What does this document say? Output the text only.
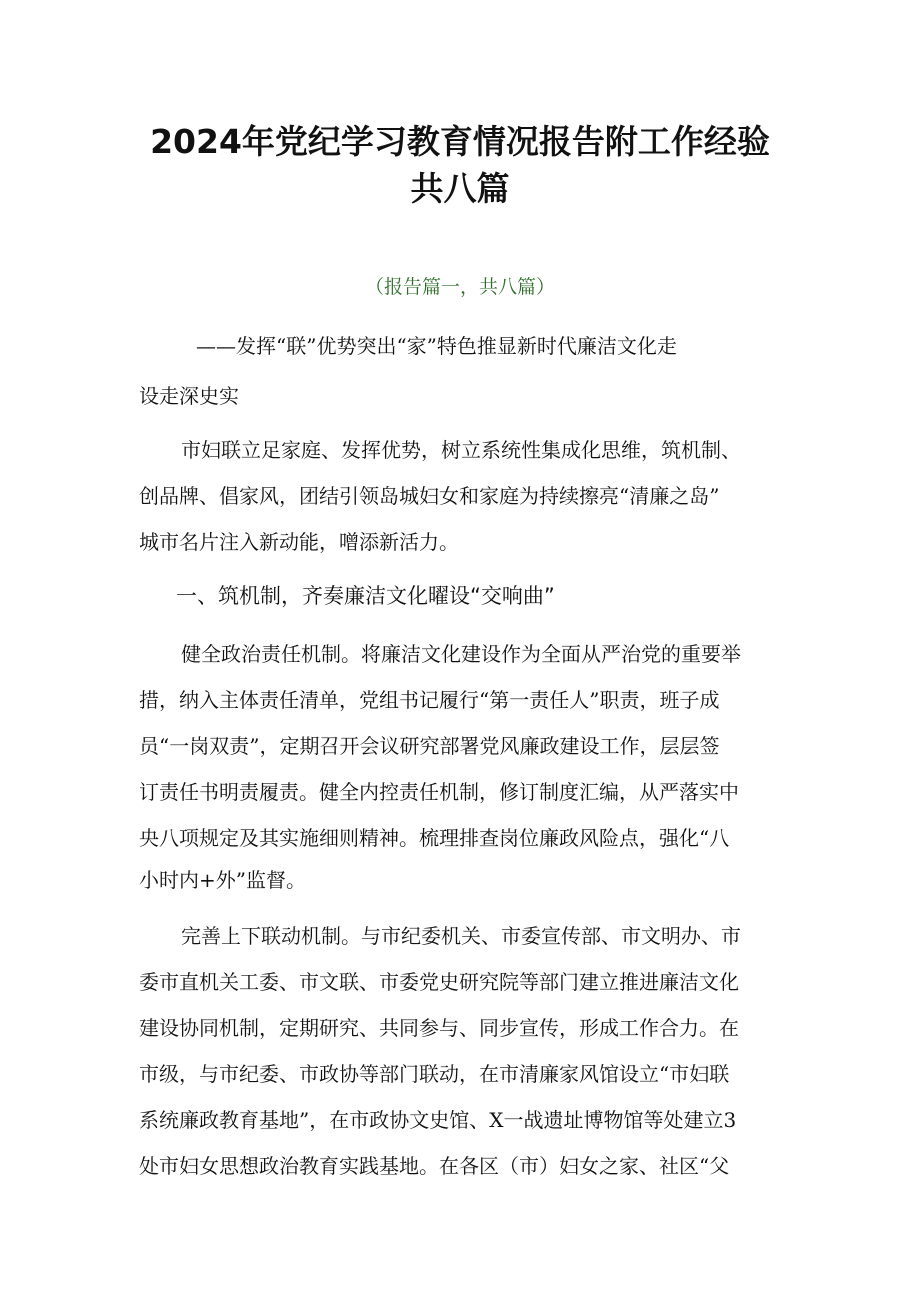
2024年党纪学习教育情况报告附工作经验
共八篇
（报告篇一，共八篇）
——发挥“联”优势突出“家”特色推显新时代廉洁文化走
设走深史实
市妇联立足家庭、发挥优势，树立系统性集成化思维，筑机制、
创品牌、倡家风，团结引领岛城妇女和家庭为持续擦亮“清廉之岛”
城市名片注入新动能，噌添新活力。
一、筑机制，齐奏廉洁文化曜设“交响曲”
健全政治责任机制。将廉洁文化建设作为全面从严治党的重要举
措，纳入主体责任清单，党组书记履行“第一责任人”职责，班子成
员“一岗双责”，定期召开会议研究部署党风廉政建设工作，层层签
订责任书明责履责。健全内控责任机制，修订制度汇编，从严落实中
央八项规定及其实施细则精神。梳理排查岗位廉政风险点，强化“八
小时内+外”监督。
完善上下联动机制。与市纪委机关、市委宣传部、市文明办、市
委市直机关工委、市文联、市委党史研究院等部门建立推进廉洁文化
建设协同机制，定期研究、共同参与、同步宣传，形成工作合力。在
市级，与市纪委、市政协等部门联动，在市清廉家风馆设立“市妇联
系统廉政教育基地”，在市政协文史馆、X一战遗址博物馆等处建立3
处市妇女思想政治教育实践基地。在各区（市）妇女之家、社区“父
